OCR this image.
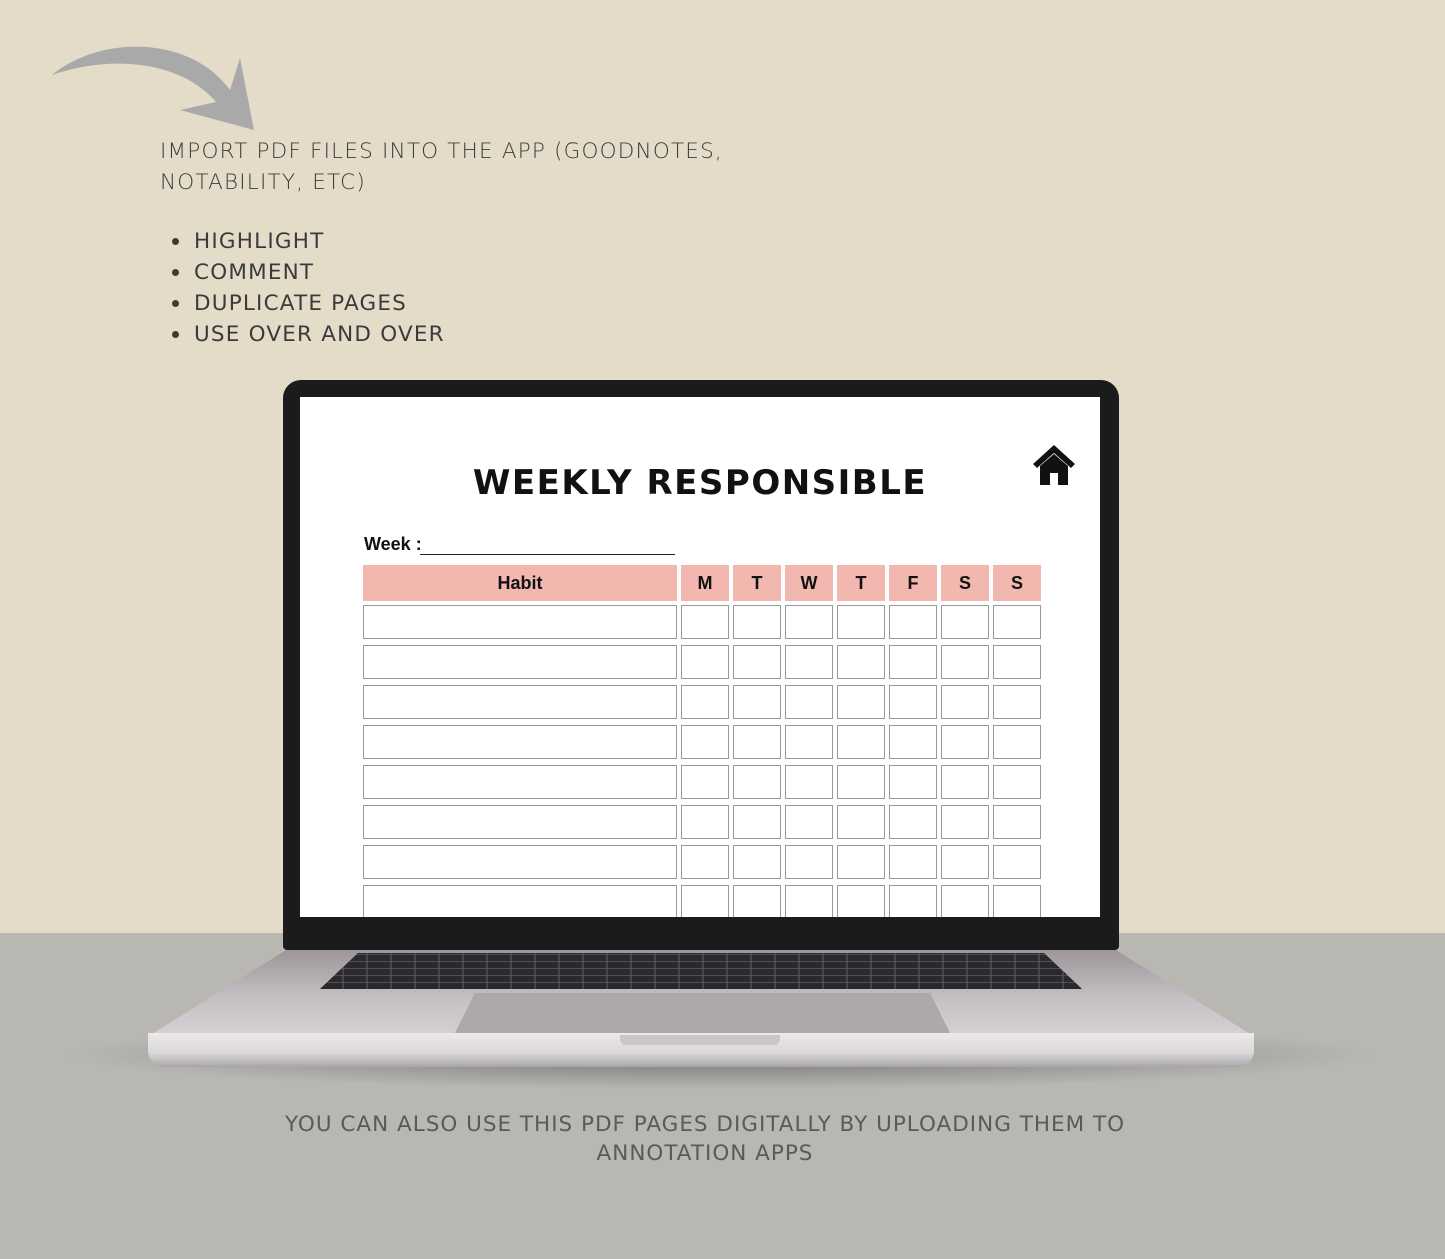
IMPORT PDF FILES INTO THE APP (GOODNOTES,
NOTABILITY, ETC)
HIGHLIGHT
COMMENT
DUPLICATE PAGES
USE OVER AND OVER
WEEKLY RESPONSIBLE
Week :
Habit	M	T	W	T	F	S	S
YOU CAN ALSO USE THIS PDF PAGES DIGITALLY BY UPLOADING THEM TO
ANNOTATION APPS
